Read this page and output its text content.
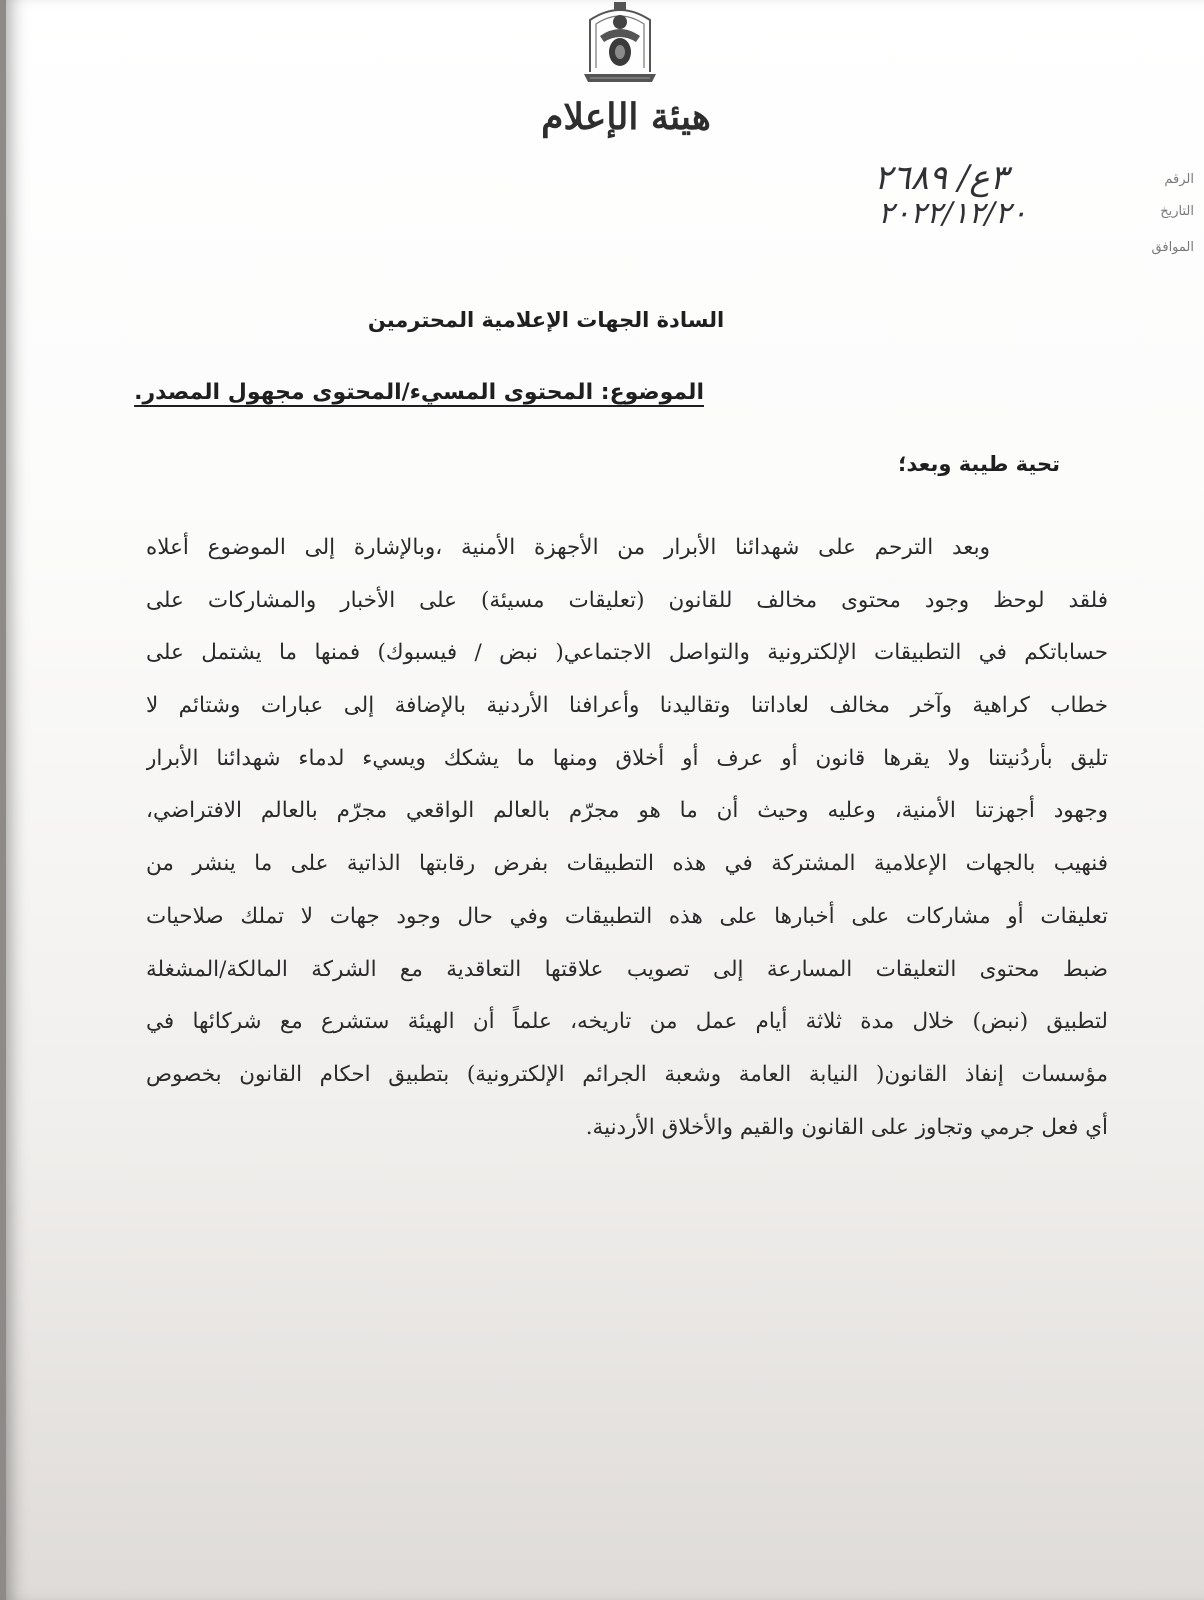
هيئة الإعلام
الرقم
٣ع/ ٢٦٨٩
التاريخ
٢٠٢٢/١٢/٢٠
الموافق
السادة الجهات الإعلامية المحترمين
الموضوع: المحتوى المسيء/المحتوى مجهول المصدر.
تحية طيبة وبعد؛
وبعد الترحم على شهدائنا الأبرار من الأجهزة الأمنية ،وبالإشارة إلى الموضوع أعلاه
فلقد لوحظ وجود محتوى مخالف للقانون (تعليقات مسيئة) على الأخبار والمشاركات على
حساباتكم في التطبيقات الإلكترونية والتواصل الاجتماعي( نبض / فيسبوك) فمنها ما يشتمل على
خطاب كراهية وآخر مخالف لعاداتنا وتقاليدنا وأعرافنا الأردنية بالإضافة إلى عبارات وشتائم لا
تليق بأردُنيتنا ولا يقرها قانون أو عرف أو أخلاق ومنها ما يشكك ويسيء لدماء شهدائنا الأبرار
وجهود أجهزتنا الأمنية، وعليه وحيث أن ما هو مجرّم بالعالم الواقعي مجرّم بالعالم الافتراضي،
فنهيب بالجهات الإعلامية المشتركة في هذه التطبيقات بفرض رقابتها الذاتية على ما ينشر من
تعليقات أو مشاركات على أخبارها على هذه التطبيقات وفي حال وجود جهات لا تملك صلاحيات
ضبط محتوى التعليقات المسارعة إلى تصويب علاقتها التعاقدية مع الشركة المالكة/المشغلة
لتطبيق (نبض) خلال مدة ثلاثة أيام عمل من تاريخه، علماً أن الهيئة ستشرع مع شركائها في
مؤسسات إنفاذ القانون( النيابة العامة وشعبة الجرائم الإلكترونية) بتطبيق احكام القانون بخصوص
أي فعل جرمي وتجاوز على القانون والقيم والأخلاق الأردنية.
